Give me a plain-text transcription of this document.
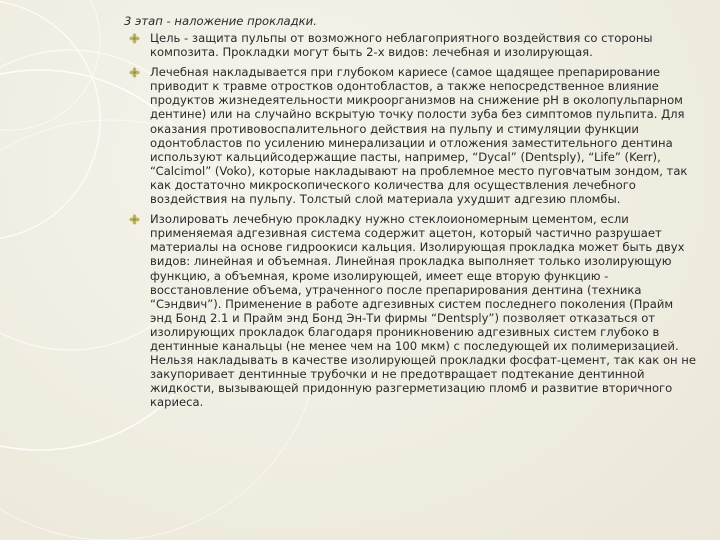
3 этап - наложение прокладки.
Цель - защита пульпы от возможного неблагоприятного воздействия со стороны композита. Прокладки могут быть 2-х видов: лечебная и изолирующая.
Лечебная накладывается при глубоком кариесе (самое щадящее препарирование приводит к травме отростков одонтобластов, а также непосредственное влияние продуктов жизнедеятельности микроорганизмов на снижение pH в околопульпарном дентине) или на случайно вскрытую точку полости зуба без симптомов пульпита. Для оказания противовоспалительного действия на пульпу и стимуляции функции одонтобластов по усилению минерализации и отложения заместительного дентина используют кальцийсодержащие пасты, например, “Dycal” (Dentsply), “Life” (Kerr), “Calcimol” (Voko), которые накладывают на проблемное место пуговчатым зондом, так как достаточно микроскопического количества для осуществления лечебного воздействия на пульпу. Толстый слой материала ухудшит адгезию пломбы.
Изолировать лечебную прокладку нужно стеклоиономерным цементом, если применяемая адгезивная система содержит ацетон, который частично разрушает материалы на основе гидроокиси кальция. Изолирующая прокладка может быть двух видов: линейная и объемная. Линейная прокладка выполняет только изолирующую функцию, а объемная, кроме изолирующей, имеет еще вторую функцию - восстановление объема, утраченного после препарирования дентина (техника “Сэндвич”). Применение в работе адгезивных систем последнего поколения (Прайм энд Бонд 2.1 и Прайм энд Бонд Эн-Ти фирмы “Dentsply”) позволяет отказаться от изолирующих прокладок благодаря проникновению адгезивных систем глубоко в дентинные канальцы (не менее чем на 100 мкм) с последующей их полимеризацией. Нельзя накладывать в качестве изолирующей прокладки фосфат-цемент, так как он не закупоривает дентинные трубочки и не предотвращает подтекание дентинной жидкости, вызывающей придонную разгерметизацию пломб и развитие вторичного кариеса.
